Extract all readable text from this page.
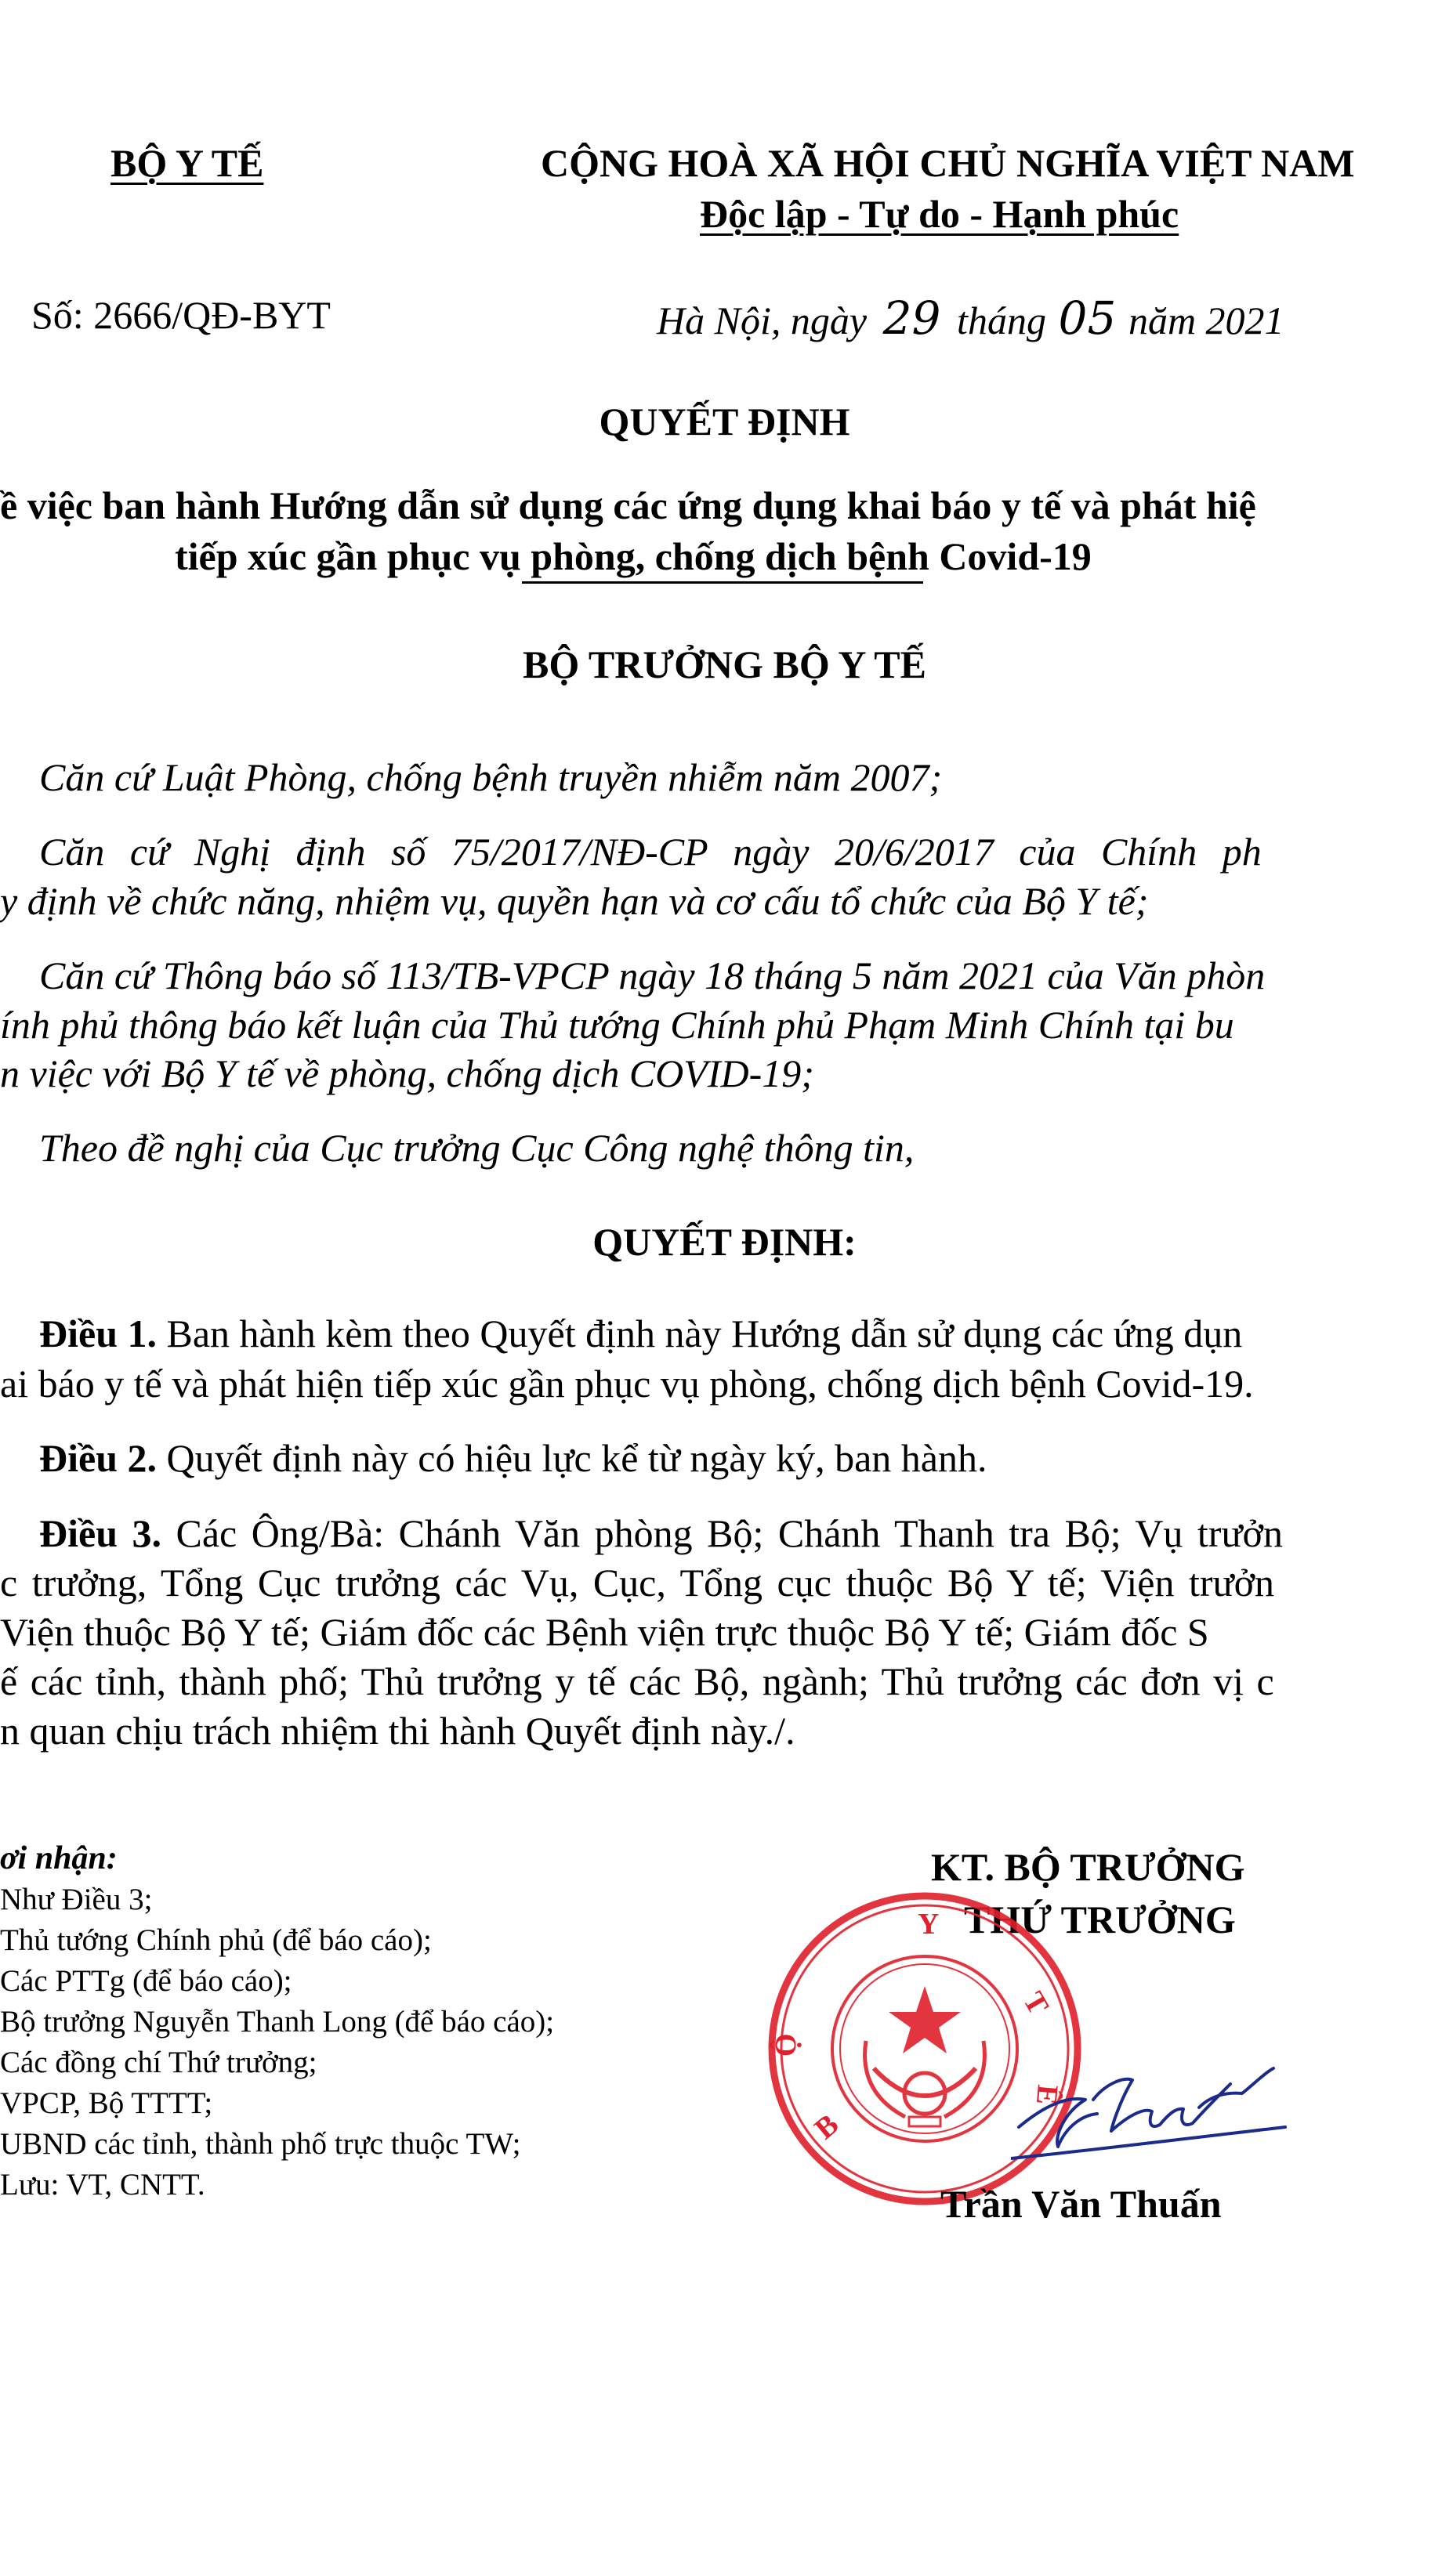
BỘ Y TẾ	CỘNG HOÀ XÃ HỘI CHỦ NGHĨA VIỆT NAM
Độc lập - Tự do - Hạnh phúc
Số: 2666/QĐ-BYT	Hà Nội, ngày 29 tháng 05 năm 2021
QUYẾT ĐỊNH
ề việc ban hành Hướng dẫn sử dụng các ứng dụng khai báo y tế và phát hiệ
tiếp xúc gần phục vụ phòng, chống dịch bệnh Covid-19
BỘ TRƯỞNG BỘ Y TẾ
Căn cứ Luật Phòng, chống bệnh truyền nhiễm năm 2007;
Căn cứ Nghị định số 75/2017/NĐ-CP ngày 20/6/2017 của Chính ph
y định về chức năng, nhiệm vụ, quyền hạn và cơ cấu tổ chức của Bộ Y tế;
Căn cứ Thông báo số 113/TB-VPCP ngày 18 tháng 5 năm 2021 của Văn phòn
ính phủ thông báo kết luận của Thủ tướng Chính phủ Phạm Minh Chính tại bu
n việc với Bộ Y tế về phòng, chống dịch COVID-19;
Theo đề nghị của Cục trưởng Cục Công nghệ thông tin,
QUYẾT ĐỊNH:
Điều 1. Ban hành kèm theo Quyết định này Hướng dẫn sử dụng các ứng dụn
ai báo y tế và phát hiện tiếp xúc gần phục vụ phòng, chống dịch bệnh Covid-19.
Điều 2. Quyết định này có hiệu lực kể từ ngày ký, ban hành.
Điều 3. Các Ông/Bà: Chánh Văn phòng Bộ; Chánh Thanh tra Bộ; Vụ trưởn
c trưởng, Tổng Cục trưởng các Vụ, Cục, Tổng cục thuộc Bộ Y tế; Viện trưởn
Viện thuộc Bộ Y tế; Giám đốc các Bệnh viện trực thuộc Bộ Y tế; Giám đốc S
ế các tỉnh, thành phố; Thủ trưởng y tế các Bộ, ngành; Thủ trưởng các đơn vị c
n quan chịu trách nhiệm thi hành Quyết định này./.
ơi nhận:
Như Điều 3;
Thủ tướng Chính phủ (để báo cáo);
Các PTTg (để báo cáo);
Bộ trưởng Nguyễn Thanh Long (để báo cáo);
Các đồng chí Thứ trưởng;
VPCP, Bộ TTTT;
UBND các tỉnh, thành phố trực thuộc TW;
Lưu: VT, CNTT.
KT. BỘ TRƯỞNG
THỨ TRƯỞNG
B
Ộ
Y
T
Ế
Trần Văn Thuấn
